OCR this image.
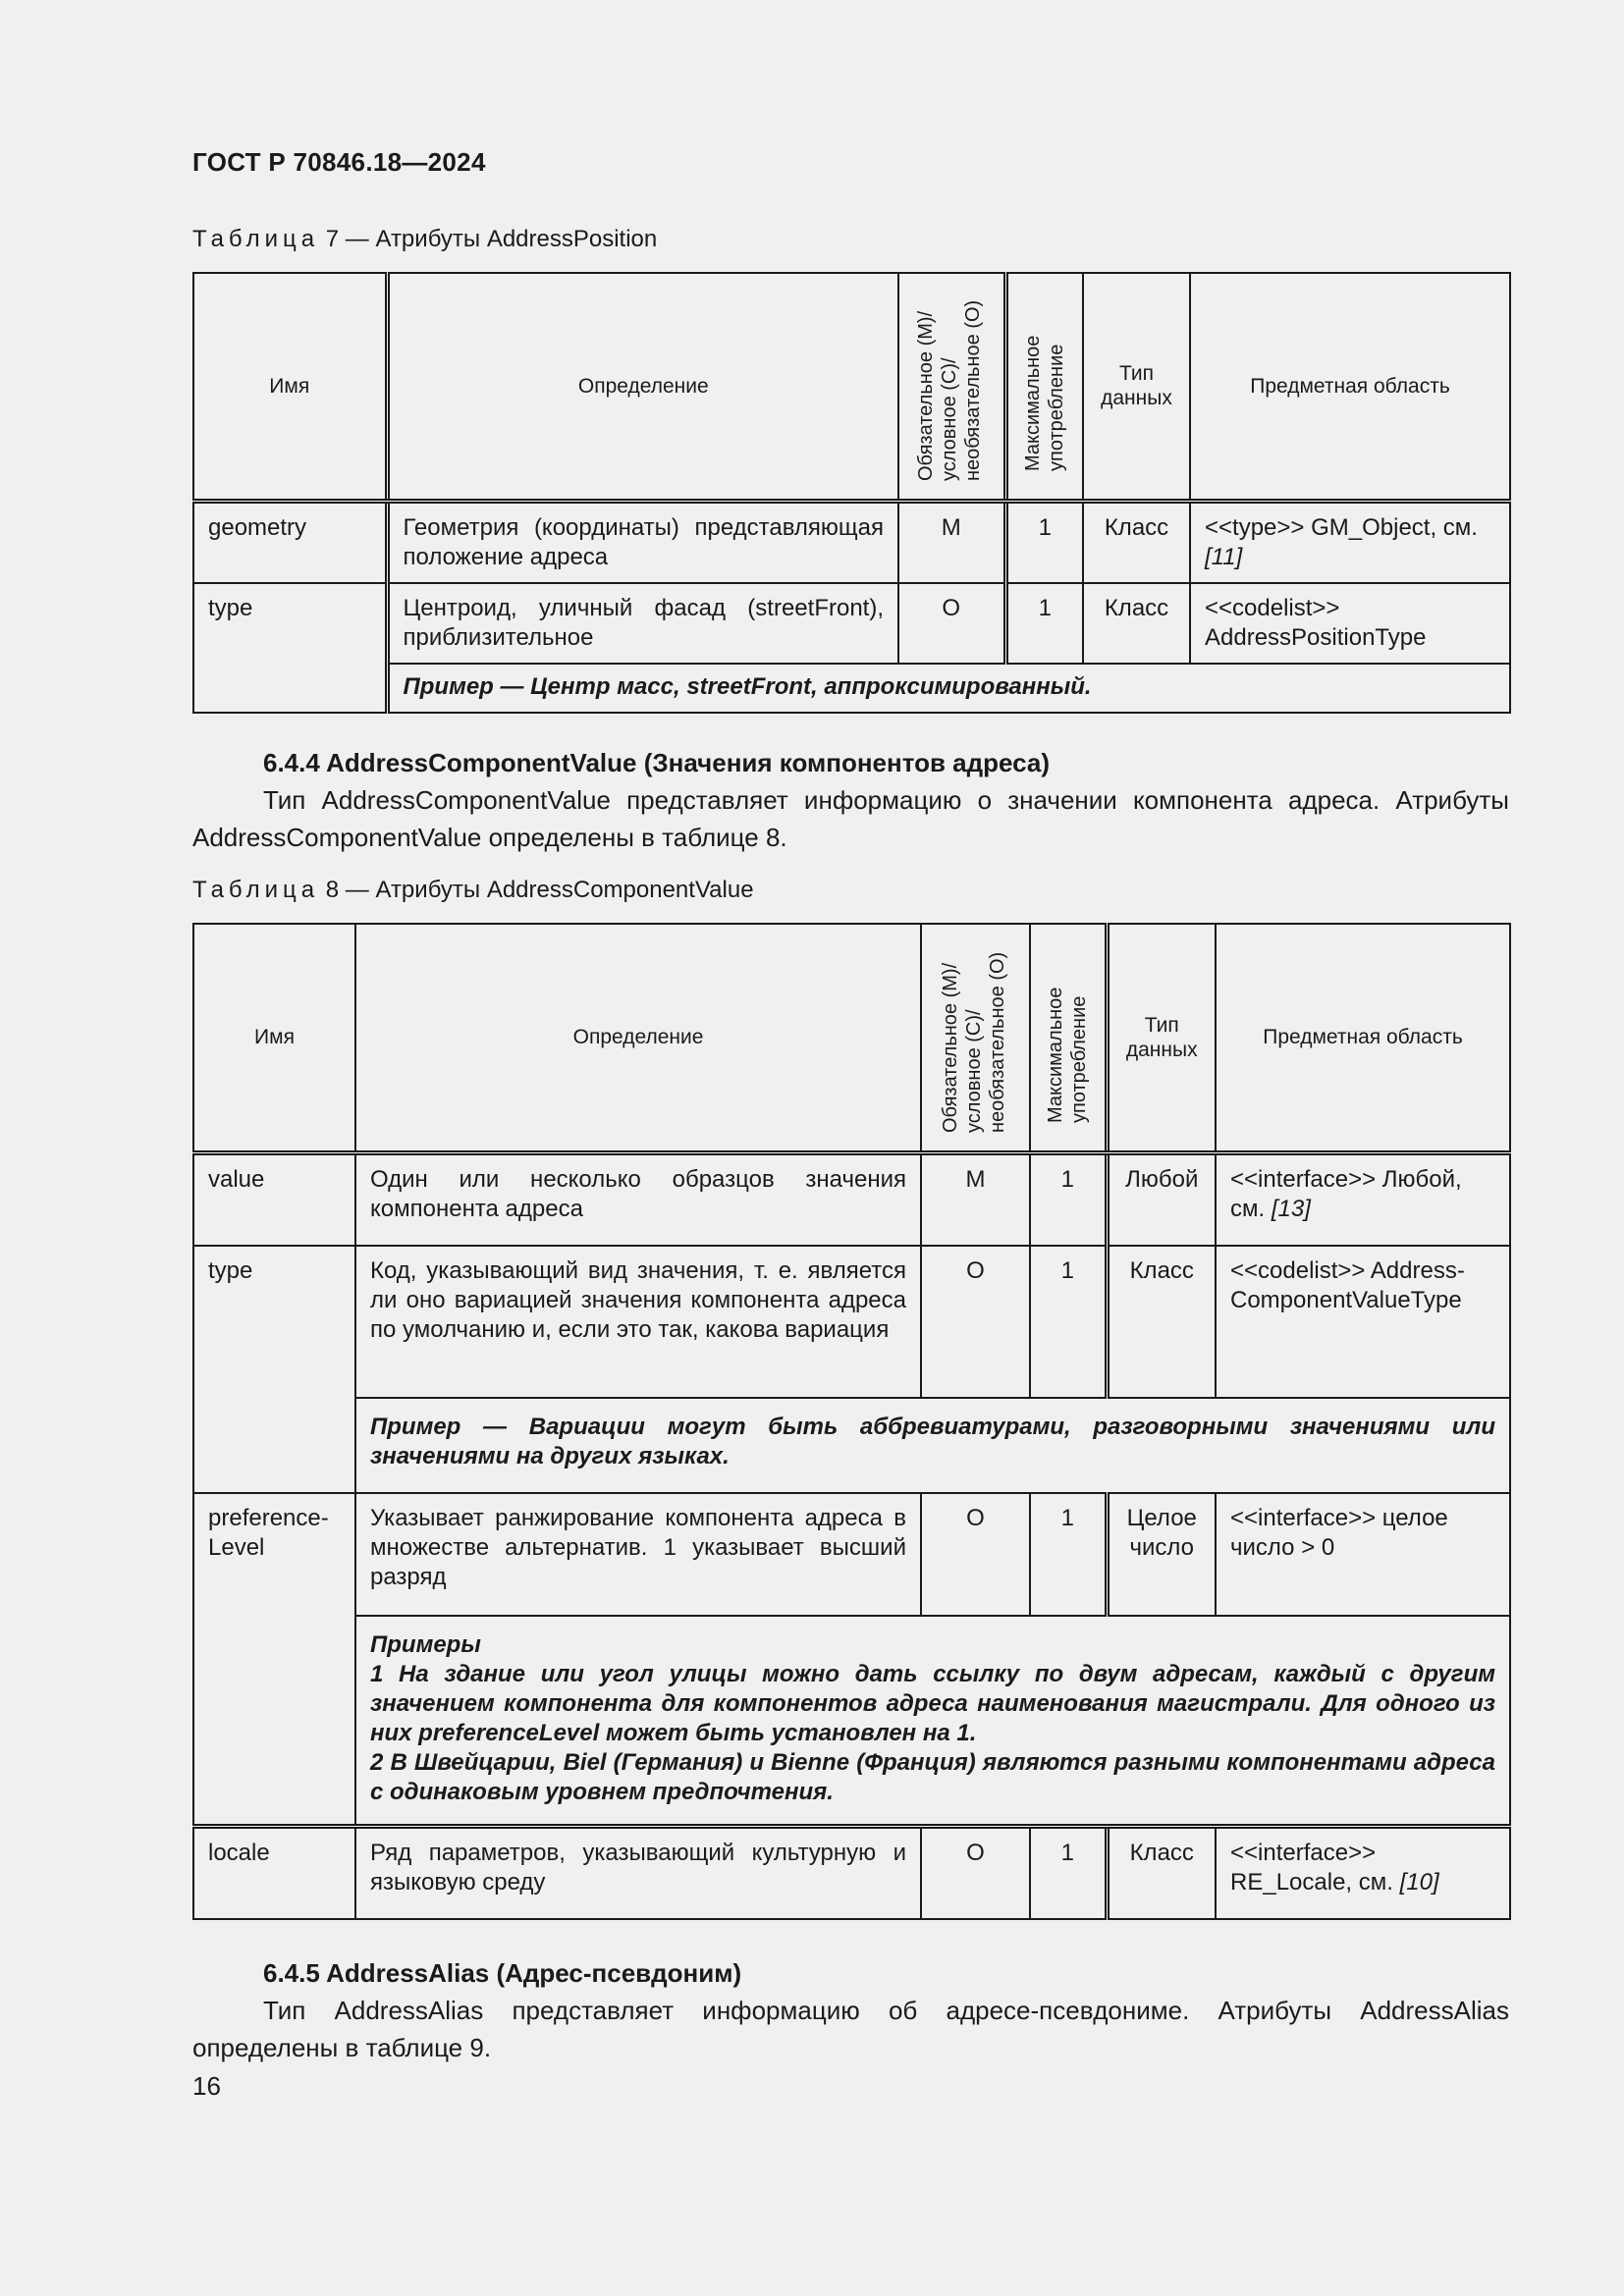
ГОСТ Р 70846.18—2024
Таблица 7 — Атрибуты AddressPosition
Имя	Определение	Обязательное (M)/ условное (C)/ необязательное (O)	Максимальное употребление	Тип данных	Предметная область
geometry	Геометрия (координаты) представляющая положение адреса	M	1	Класс	<<type>> GM_Object, см. [11]
type	Центроид, уличный фасад (streetFront), приблизительное	O	1	Класс	<<codelist>> AddressPositionType
	Пример — Центр масс, streetFront, аппроксимированный.				
6.4.4 AddressComponentValue (Значения компонентов адреса)

Тип AddressComponentValue представляет информацию о значении компонента адреса. Атрибуты AddressComponentValue определены в таблице 8.

Таблица 8 — Атрибуты AddressComponentValue
Имя	Определение	Обязательное (M)/ условное (C)/ необязательное (O)	Максимальное употребление	Тип данных	Предметная область
value	Один или несколько образцов значения компонента адреса	M	1	Любой	<<interface>> Любой, см. [13]
type	Код, указывающий вид значения, т. е. является ли оно вариацией значения компонента адреса по умолчанию и, если это так, какова вариация	O	1	Класс	<<codelist>> Address-ComponentValueType
	Пример — Вариации могут быть аббревиатурами, разговорными значениями или значениями на других языках.				
preference-Level	Указывает ранжирование компонента адреса в множестве альтернатив. 1 указывает высший разряд	O	1	Целое число	<<interface>> целое число > 0

	Примеры
1 На здание или угол улицы можно дать ссылку по двум адресам, каждый с другим значением компонента для компонентов адреса наименования магистрали. Для одного из них preferenceLevel может быть установлен на 1.
2 В Швейцарии, Biel (Германия) и Bienne (Франция) являются разными компонентами адреса с одинаковым уровнем предпочтения.				

locale	Ряд параметров, указывающий культурную и языковую среду	O	1	Класс	<<interface>> RE_Locale, см. [10]
6.4.5 AddressAlias (Адрес-псевдоним)

Тип AddressAlias представляет информацию об адресе-псевдониме. Атрибуты AddressAlias определены в таблице 9.

16
